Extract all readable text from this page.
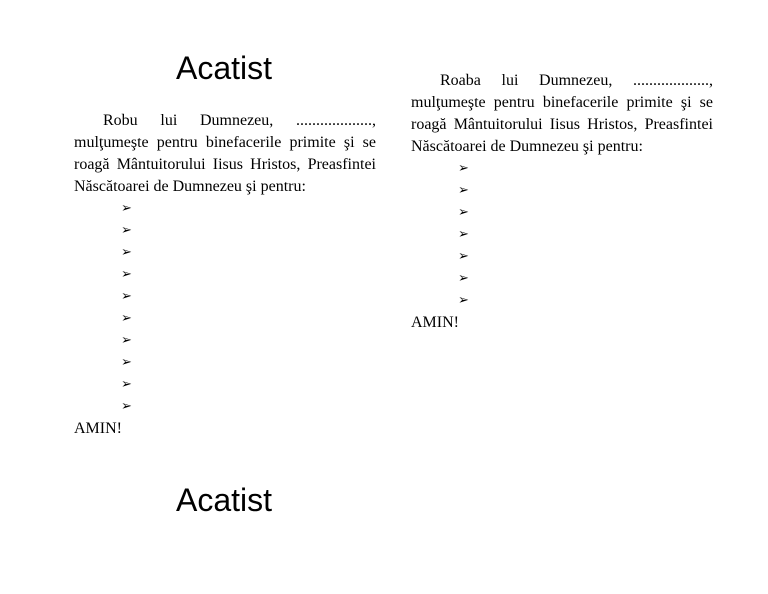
Acatist

Robu lui Dumnezeu, ..................., mulţumeşte pentru binefacerile primite şi se roagă Mântuitorului Iisus Hristos, Preasfintei Născătoarei de Dumnezeu şi pentru:

➢
➢
➢
➢
➢
➢
➢
➢
➢
➢

AMIN!

Roaba lui Dumnezeu, ..................., mulţumeşte pentru binefacerile primite şi se roagă Mântuitorului Iisus Hristos, Preasfintei Născătoarei de Dumnezeu şi pentru:

➢
➢
➢
➢
➢
➢
➢

AMIN!

Acatist
